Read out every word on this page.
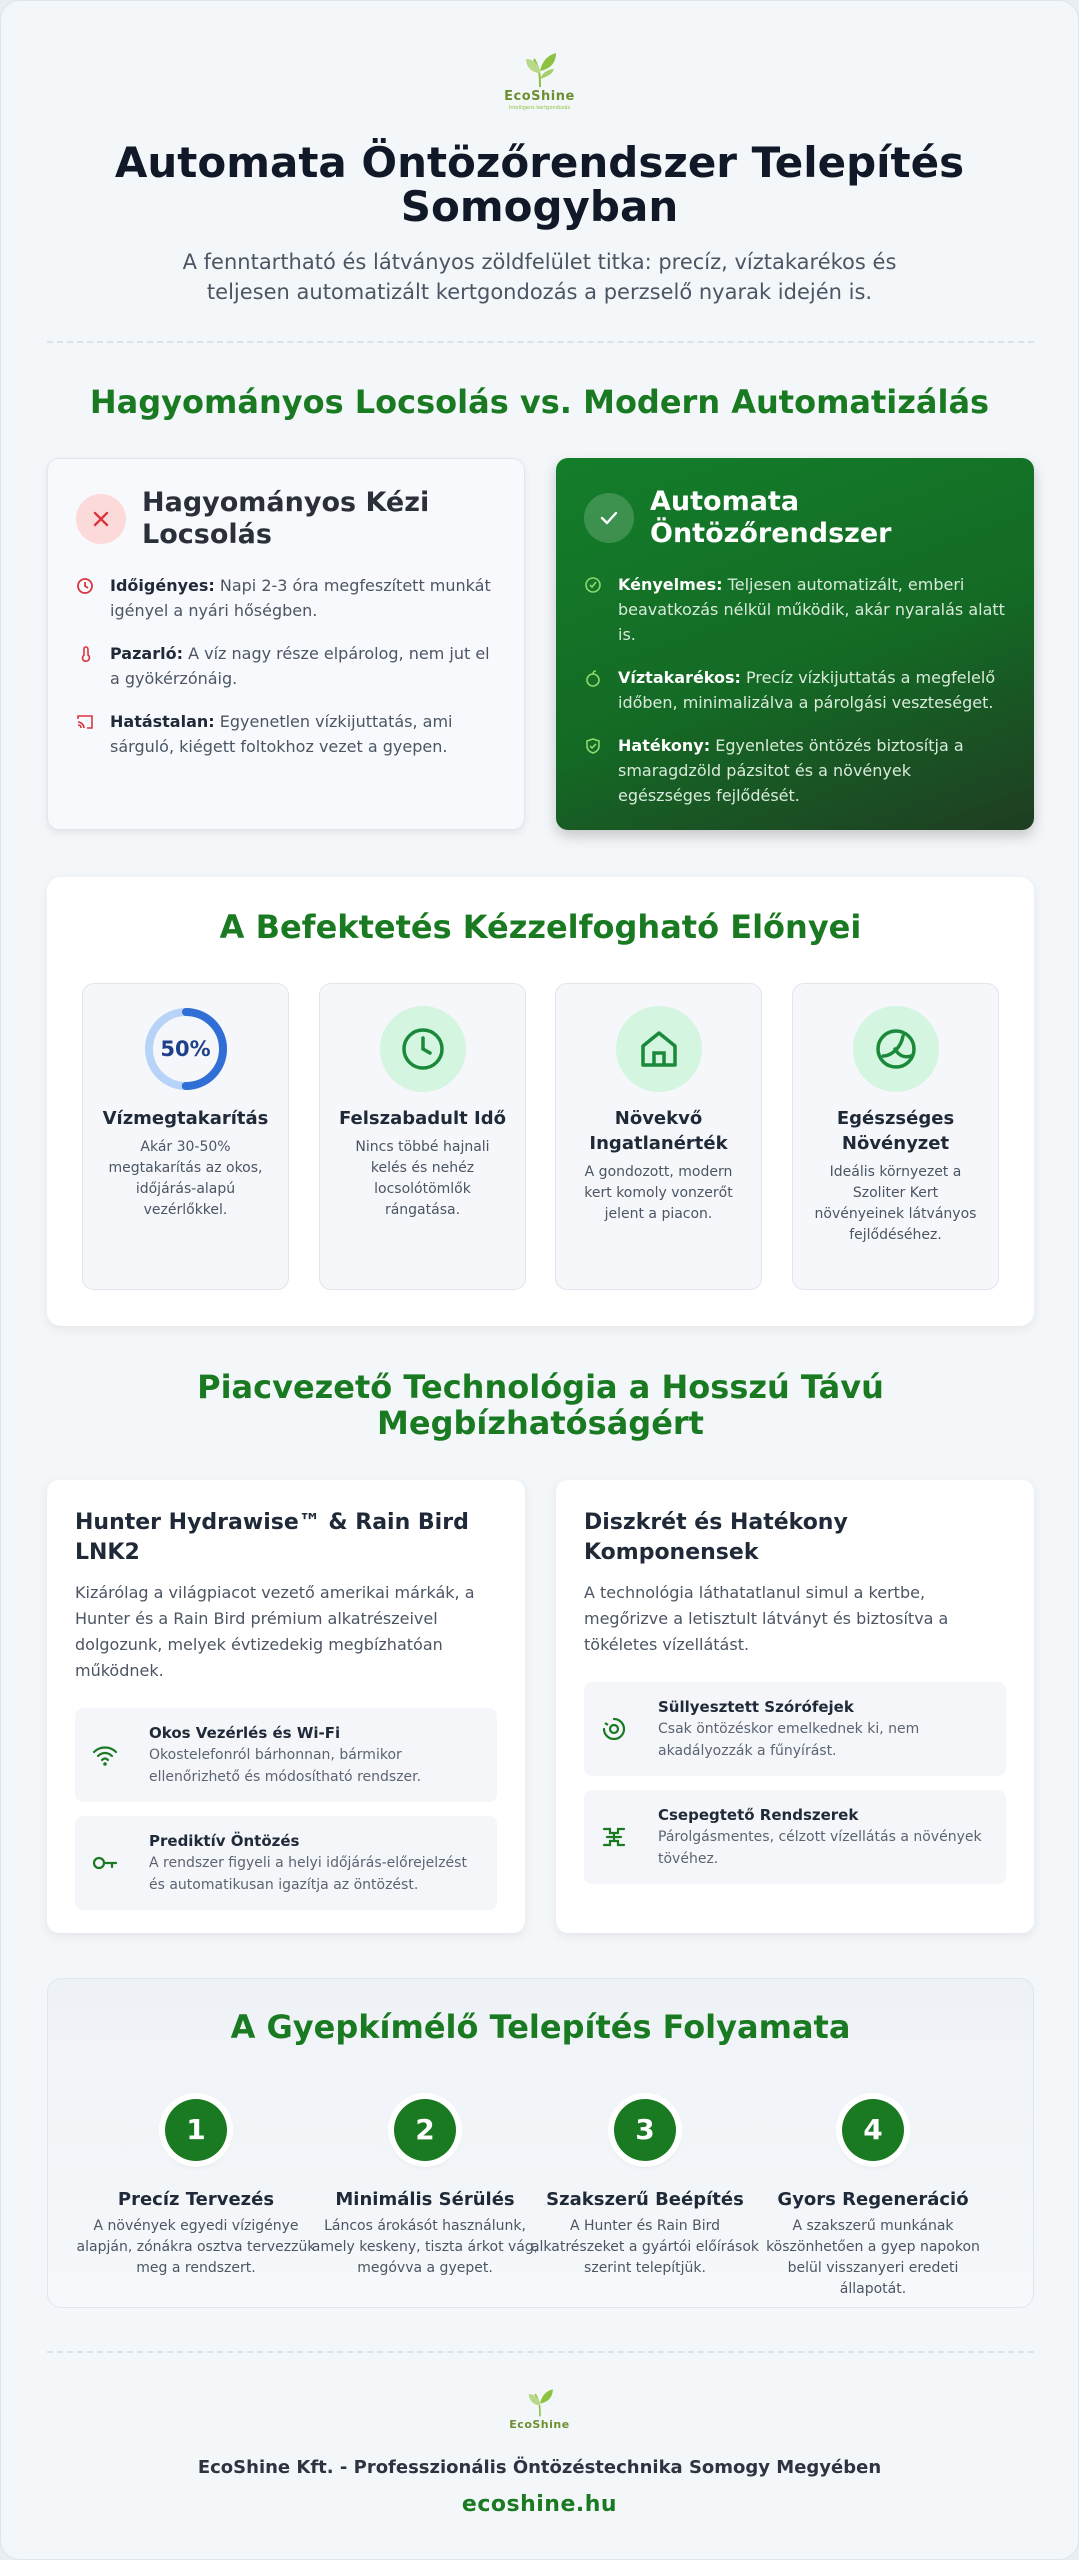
EcoShine
Intelligens kertgondozás
Automata Öntözőrendszer Telepítés Somogyban

A fenntartható és látványos zöldfelület titka: precíz, víztakarékos és teljesen automatizált kertgondozás a perzselő nyarak idején is.

Hagyományos Locsolás vs. Modern Automatizálás
Hagyományos Kézi Locsolás
Időigényes: Napi 2-3 óra megfeszített munkát igényel a nyári hőségben.
Pazarló: A víz nagy része elpárolog, nem jut el a gyökérzónáig.
Hatástalan: Egyenetlen vízkijuttatás, ami sárguló, kiégett foltokhoz vezet a gyepen.
Automata Öntözőrendszer
Kényelmes: Teljesen automatizált, emberi beavatkozás nélkül működik, akár nyaralás alatt is.
Víztakarékos: Precíz vízkijuttatás a megfelelő időben, minimalizálva a párolgási veszteséget.
Hatékony: Egyenletes öntözés biztosítja a smaragdzöld pázsitot és a növények egészséges fejlődését.
A Befektetés Kézzelfogható Előnyei
50%
Vízmegtakarítás
Akár 30-50% megtakarítás az okos, időjárás-alapú vezérlőkkel.
Felszabadult Idő
Nincs többé hajnali kelés és nehéz locsolótömlők rángatása.
Növekvő Ingatlanérték
A gondozott, modern kert komoly vonzerőt jelent a piacon.
Egészséges Növényzet
Ideális környezet a Szoliter Kert növényeinek látványos fejlődéséhez.
Piacvezető Technológia a Hosszú Távú Megbízhatóságért
Hunter Hydrawise™ & Rain Bird LNK2
Kizárólag a világpiacot vezető amerikai márkák, a Hunter és a Rain Bird prémium alkatrészeivel dolgozunk, melyek évtizedekig megbízhatóan működnek.
Okos Vezérlés és Wi-Fi
Okostelefonról bárhonnan, bármikor ellenőrizhető és módosítható rendszer.
Prediktív Öntözés
A rendszer figyeli a helyi időjárás-előrejelzést és automatikusan igazítja az öntözést.
Diszkrét és Hatékony Komponensek
A technológia láthatatlanul simul a kertbe, megőrizve a letisztult látványt és biztosítva a tökéletes vízellátást.
Süllyesztett Szórófejek
Csak öntözéskor emelkednek ki, nem akadályozzák a fűnyírást.
Csepegtető Rendszerek
Párolgásmentes, célzott vízellátás a növények tövéhez.
A Gyepkímélő Telepítés Folyamata
1
Precíz Tervezés
A növények egyedi vízigénye alapján, zónákra osztva tervezzük meg a rendszert.
2
Minimális Sérülés
Láncos árokásót használunk, amely keskeny, tiszta árkot vág, megóvva a gyepet.
3
Szakszerű Beépítés
A Hunter és Rain Bird alkatrészeket a gyártói előírások szerint telepítjük.
4
Gyors Regeneráció
A szakszerű munkának köszönhetően a gyep napokon belül visszanyeri eredeti állapotát.
EcoShine
EcoShine Kft. - Professzionális Öntözéstechnika Somogy Megyében
ecoshine.hu
